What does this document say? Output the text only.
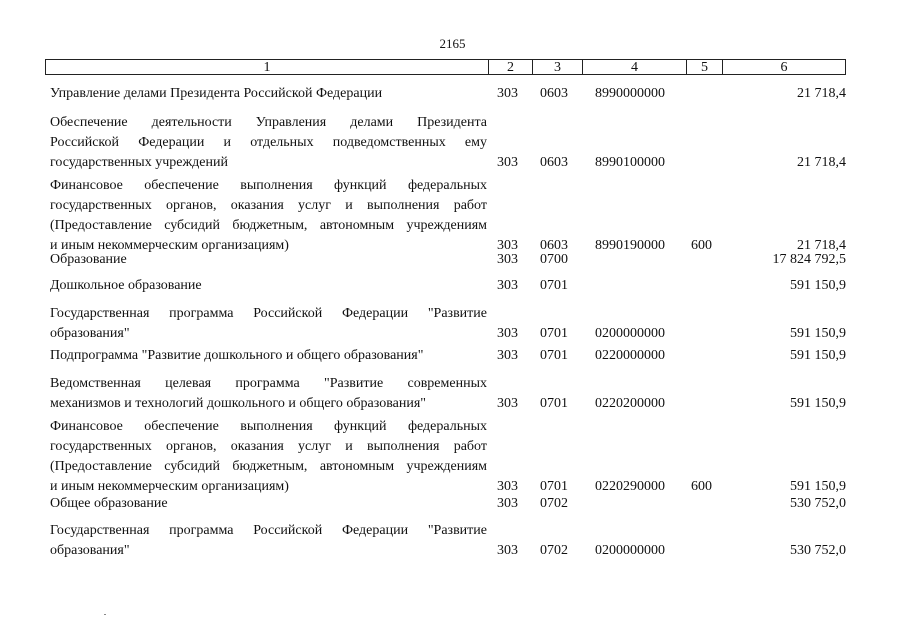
2165
1	2	3	4	5	6
Управление делами Президента Российской Федерации	303 0603 8990000000	21 718,4
Обеспечение деятельности Управления делами Президента
Российской Федерации и отдельных подведомственных ему
государственных учреждений	303 0603 8990100000	21 718,4
Финансовое обеспечение выполнения функций федеральных
государственных органов, оказания услуг и выполнения работ
(Предоставление субсидий бюджетным, автономным учреждениям
и иным некоммерческим организациям)	303 0603 8990190000 600	21 718,4
Образование	303 0700	17 824 792,5
Дошкольное образование	303 0701	591 150,9
Государственная программа Российской Федерации "Развитие
образования"	303 0701 0200000000	591 150,9
Подпрограмма "Развитие дошкольного и общего образования"	303 0701 0220000000	591 150,9
Ведомственная целевая программа "Развитие современных
механизмов и технологий дошкольного и общего образования"	303 0701 0220200000	591 150,9
Финансовое обеспечение выполнения функций федеральных
государственных органов, оказания услуг и выполнения работ
(Предоставление субсидий бюджетным, автономным учреждениям
и иным некоммерческим организациям)	303 0701 0220290000 600	591 150,9
Общее образование	303 0702	530 752,0
Государственная программа Российской Федерации "Развитие
образования"	303 0702 0200000000	530 752,0
